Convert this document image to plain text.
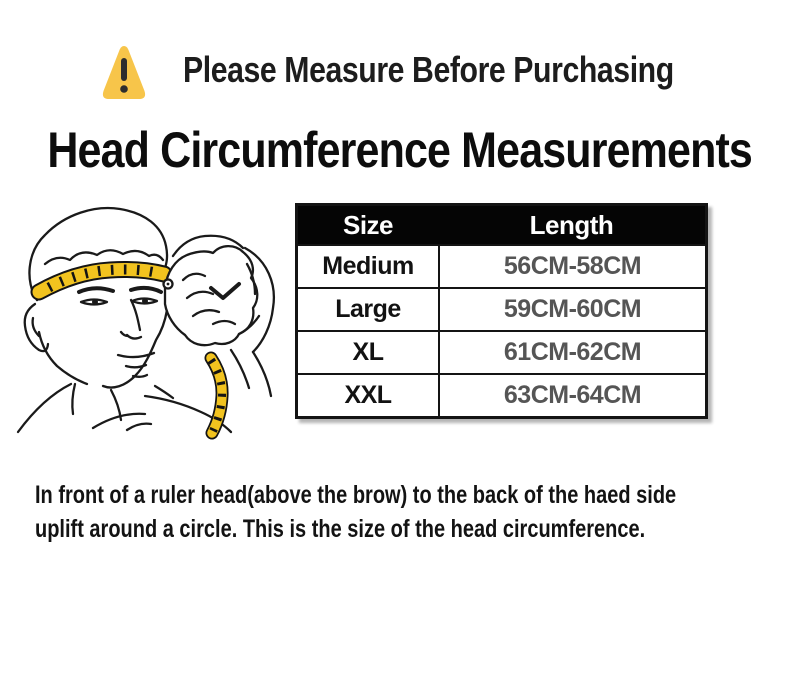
Please Measure Before Purchasing
Head Circumference Measurements
Size	Length
Medium	56CM-58CM
Large	59CM-60CM
XL	61CM-62CM
XXL	63CM-64CM
In front of a ruler head(above the brow) to the back of the haed side
uplift around a circle. This is the size of the head circumference.
